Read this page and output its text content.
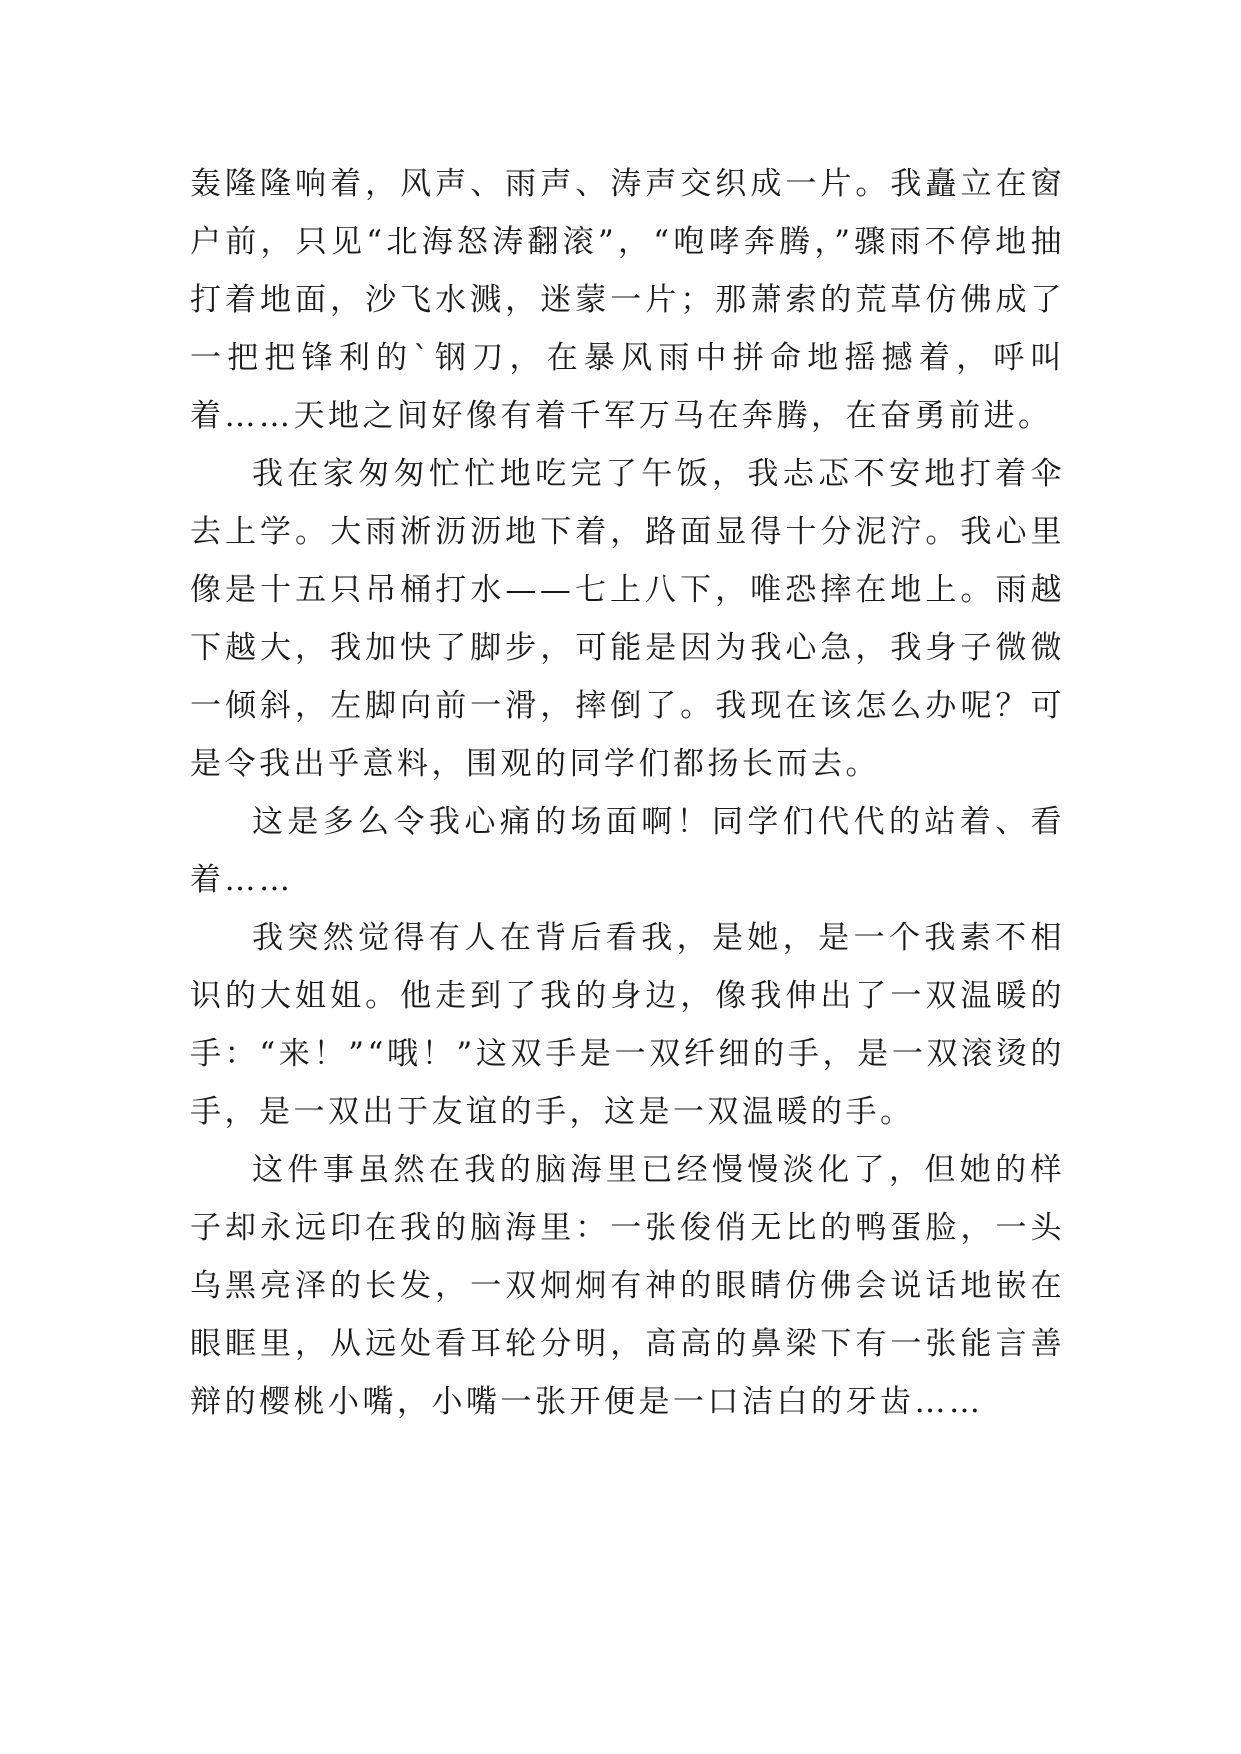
轰隆隆响着，风声、雨声、涛声交织成一片。我矗立在窗户前，只见“北海怒涛翻滚”，“咆哮奔腾，”骤雨不停地抽打着地面，沙飞水溅，迷蒙一片；那萧索的荒草仿佛成了一把把锋利的`钢刀，在暴风雨中拼命地摇撼着，呼叫着……天地之间好像有着千军万马在奔腾，在奋勇前进。

我在家匆匆忙忙地吃完了午饭，我忐忑不安地打着伞去上学。大雨淅沥沥地下着，路面显得十分泥泞。我心里像是十五只吊桶打水——七上八下，唯恐摔在地上。雨越下越大，我加快了脚步，可能是因为我心急，我身子微微一倾斜，左脚向前一滑，摔倒了。我现在该怎么办呢？可是令我出乎意料，围观的同学们都扬长而去。

这是多么令我心痛的场面啊！同学们代代的站着、看着……

我突然觉得有人在背后看我，是她，是一个我素不相识的大姐姐。他走到了我的身边，像我伸出了一双温暖的手：“来！”“哦！”这双手是一双纤细的手，是一双滚烫的手，是一双出于友谊的手，这是一双温暖的手。

这件事虽然在我的脑海里已经慢慢淡化了，但她的样子却永远印在我的脑海里：一张俊俏无比的鸭蛋脸，一头乌黑亮泽的长发，一双炯炯有神的眼睛仿佛会说话地嵌在眼眶里，从远处看耳轮分明，高高的鼻梁下有一张能言善辩的樱桃小嘴，小嘴一张开便是一口洁白的牙齿……
